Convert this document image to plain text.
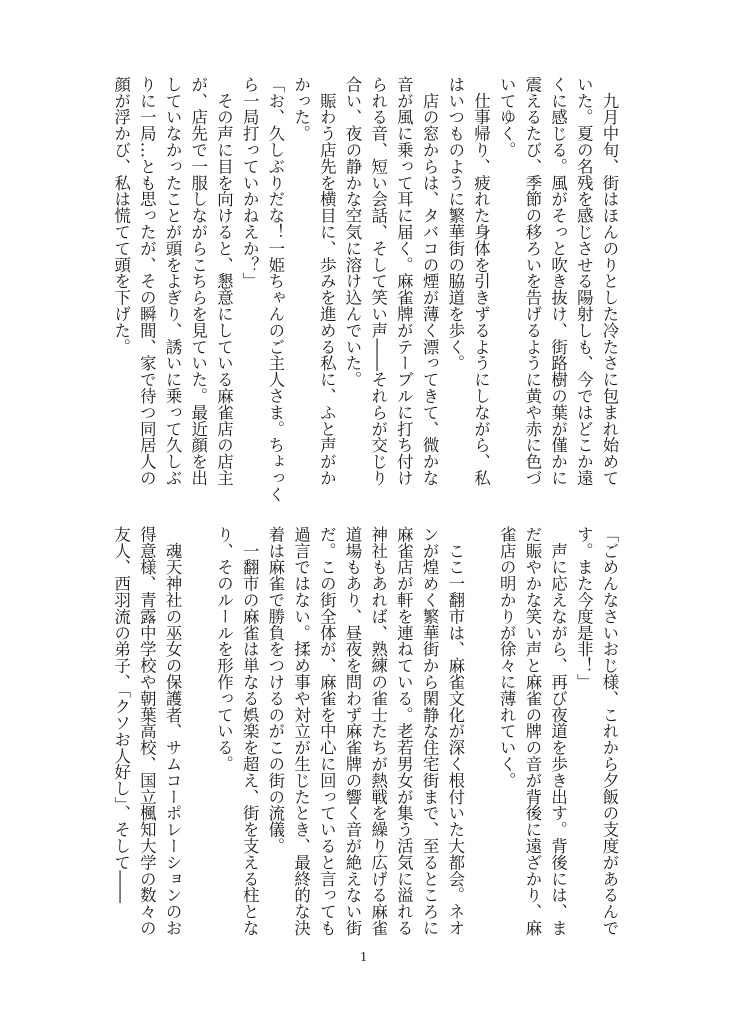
　九月中旬、街はほんのりとした冷たさに包まれ始めて
いた。夏の名残を感じさせる陽射しも、今ではどこか遠
くに感じる。風がそっと吹き抜け、街路樹の葉が僅かに
震えるたび、季節の移ろいを告げるように黄や赤に色づ
いてゆく。
　仕事帰り、疲れた身体を引きずるようにしながら、私
はいつものように繁華街の脇道を歩く。
　店の窓からは、タバコの煙が薄く漂ってきて、微かな
音が風に乗って耳に届く。麻雀牌がテーブルに打ち付け
られる音、短い会話、そして笑い声――それらが交じり
合い、夜の静かな空気に溶け込んでいた。
　賑わう店先を横目に、歩みを進める私に、ふと声がか
かった。
「お、久しぶりだな！一姫ちゃんのご主人さま。ちょっく
ら一局打っていかねえか？」
　その声に目を向けると、懇意にしている麻雀店の店主
が、店先で一服しながらこちらを見ていた。最近顔を出
していなかったことが頭をよぎり、誘いに乗って久しぶ
りに一局…とも思ったが、その瞬間、家で待つ同居人の
顔が浮かび、私は慌てて頭を下げた。
「ごめんなさいおじ様、これから夕飯の支度があるんで
す。また今度是非！」
　声に応えながら、再び夜道を歩き出す。背後には、ま
だ賑やかな笑い声と麻雀の牌の音が背後に遠ざかり、麻
雀店の明かりが徐々に薄れていく。

　ここ一翻市は、麻雀文化が深く根付いた大都会。ネオ
ンが煌めく繁華街から閑静な住宅街まで、至るところに
麻雀店が軒を連ねている。老若男女が集う活気に溢れる
神社もあれば、熟練の雀士たちが熱戦を繰り広げる麻雀
道場もあり、昼夜を問わず麻雀牌の響く音が絶えない街
だ。この街全体が、麻雀を中心に回っていると言っても
過言ではない。揉め事や対立が生じたとき、最終的な決
着は麻雀で勝負をつけるのがこの街の流儀。
　一翻市の麻雀は単なる娯楽を超え、街を支える柱とな
り、そのルールを形作っている。

　魂天神社の巫女の保護者、サムコーポレーションのお
得意様、青露中学校や朝葉高校、国立楓知大学の数々の
友人、西羽流の弟子、「クソお人好し」、そして――
1
